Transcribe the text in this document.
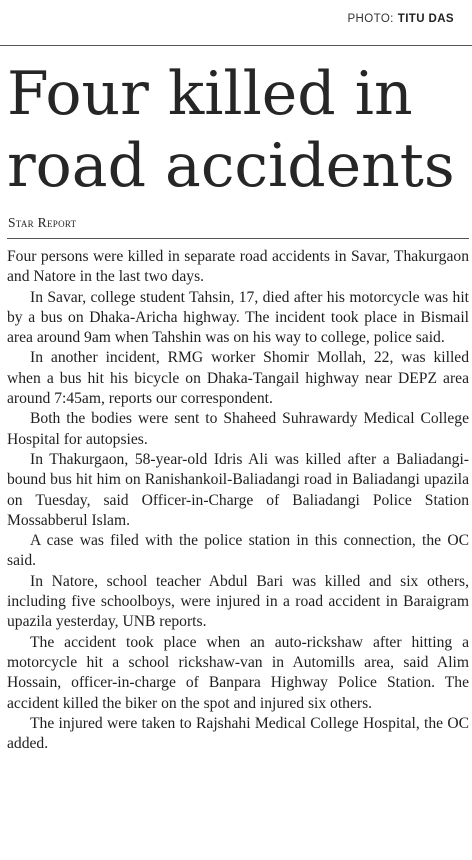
PHOTO: TITU DAS
Four killed in road accidents
Star Report

Four persons were killed in separate road accidents in Savar, Thakurgaon and Natore in the last two days.

In Savar, college student Tahsin, 17, died after his motorcycle was hit by a bus on Dhaka-Aricha highway. The incident took place in Bismail area around 9am when Tahshin was on his way to college, police said.

In another incident, RMG worker Shomir Mollah, 22, was killed when a bus hit his bicycle on Dhaka-Tangail highway near DEPZ area around 7:45am, reports our correspondent.

Both the bodies were sent to Shaheed Suhrawardy Medical College Hospital for autopsies.

In Thakurgaon, 58-year-old Idris Ali was killed after a Baliadangi-bound bus hit him on Ranishankoil-Baliadangi road in Baliadangi upazila on Tuesday, said Officer-in-Charge of Baliadangi Police Station Mossabberul Islam.

A case was filed with the police station in this connection, the OC said.

In Natore, school teacher Abdul Bari was killed and six others, including five schoolboys, were injured in a road accident in Baraigram upazila yesterday, UNB reports.

The accident took place when an auto-rickshaw after hitting a motorcycle hit a school rickshaw-van in Automills area, said Alim Hossain, officer-in-charge of Banpara Highway Police Station. The accident killed the biker on the spot and injured six others.

The injured were taken to Rajshahi Medical College Hospital, the OC added.
